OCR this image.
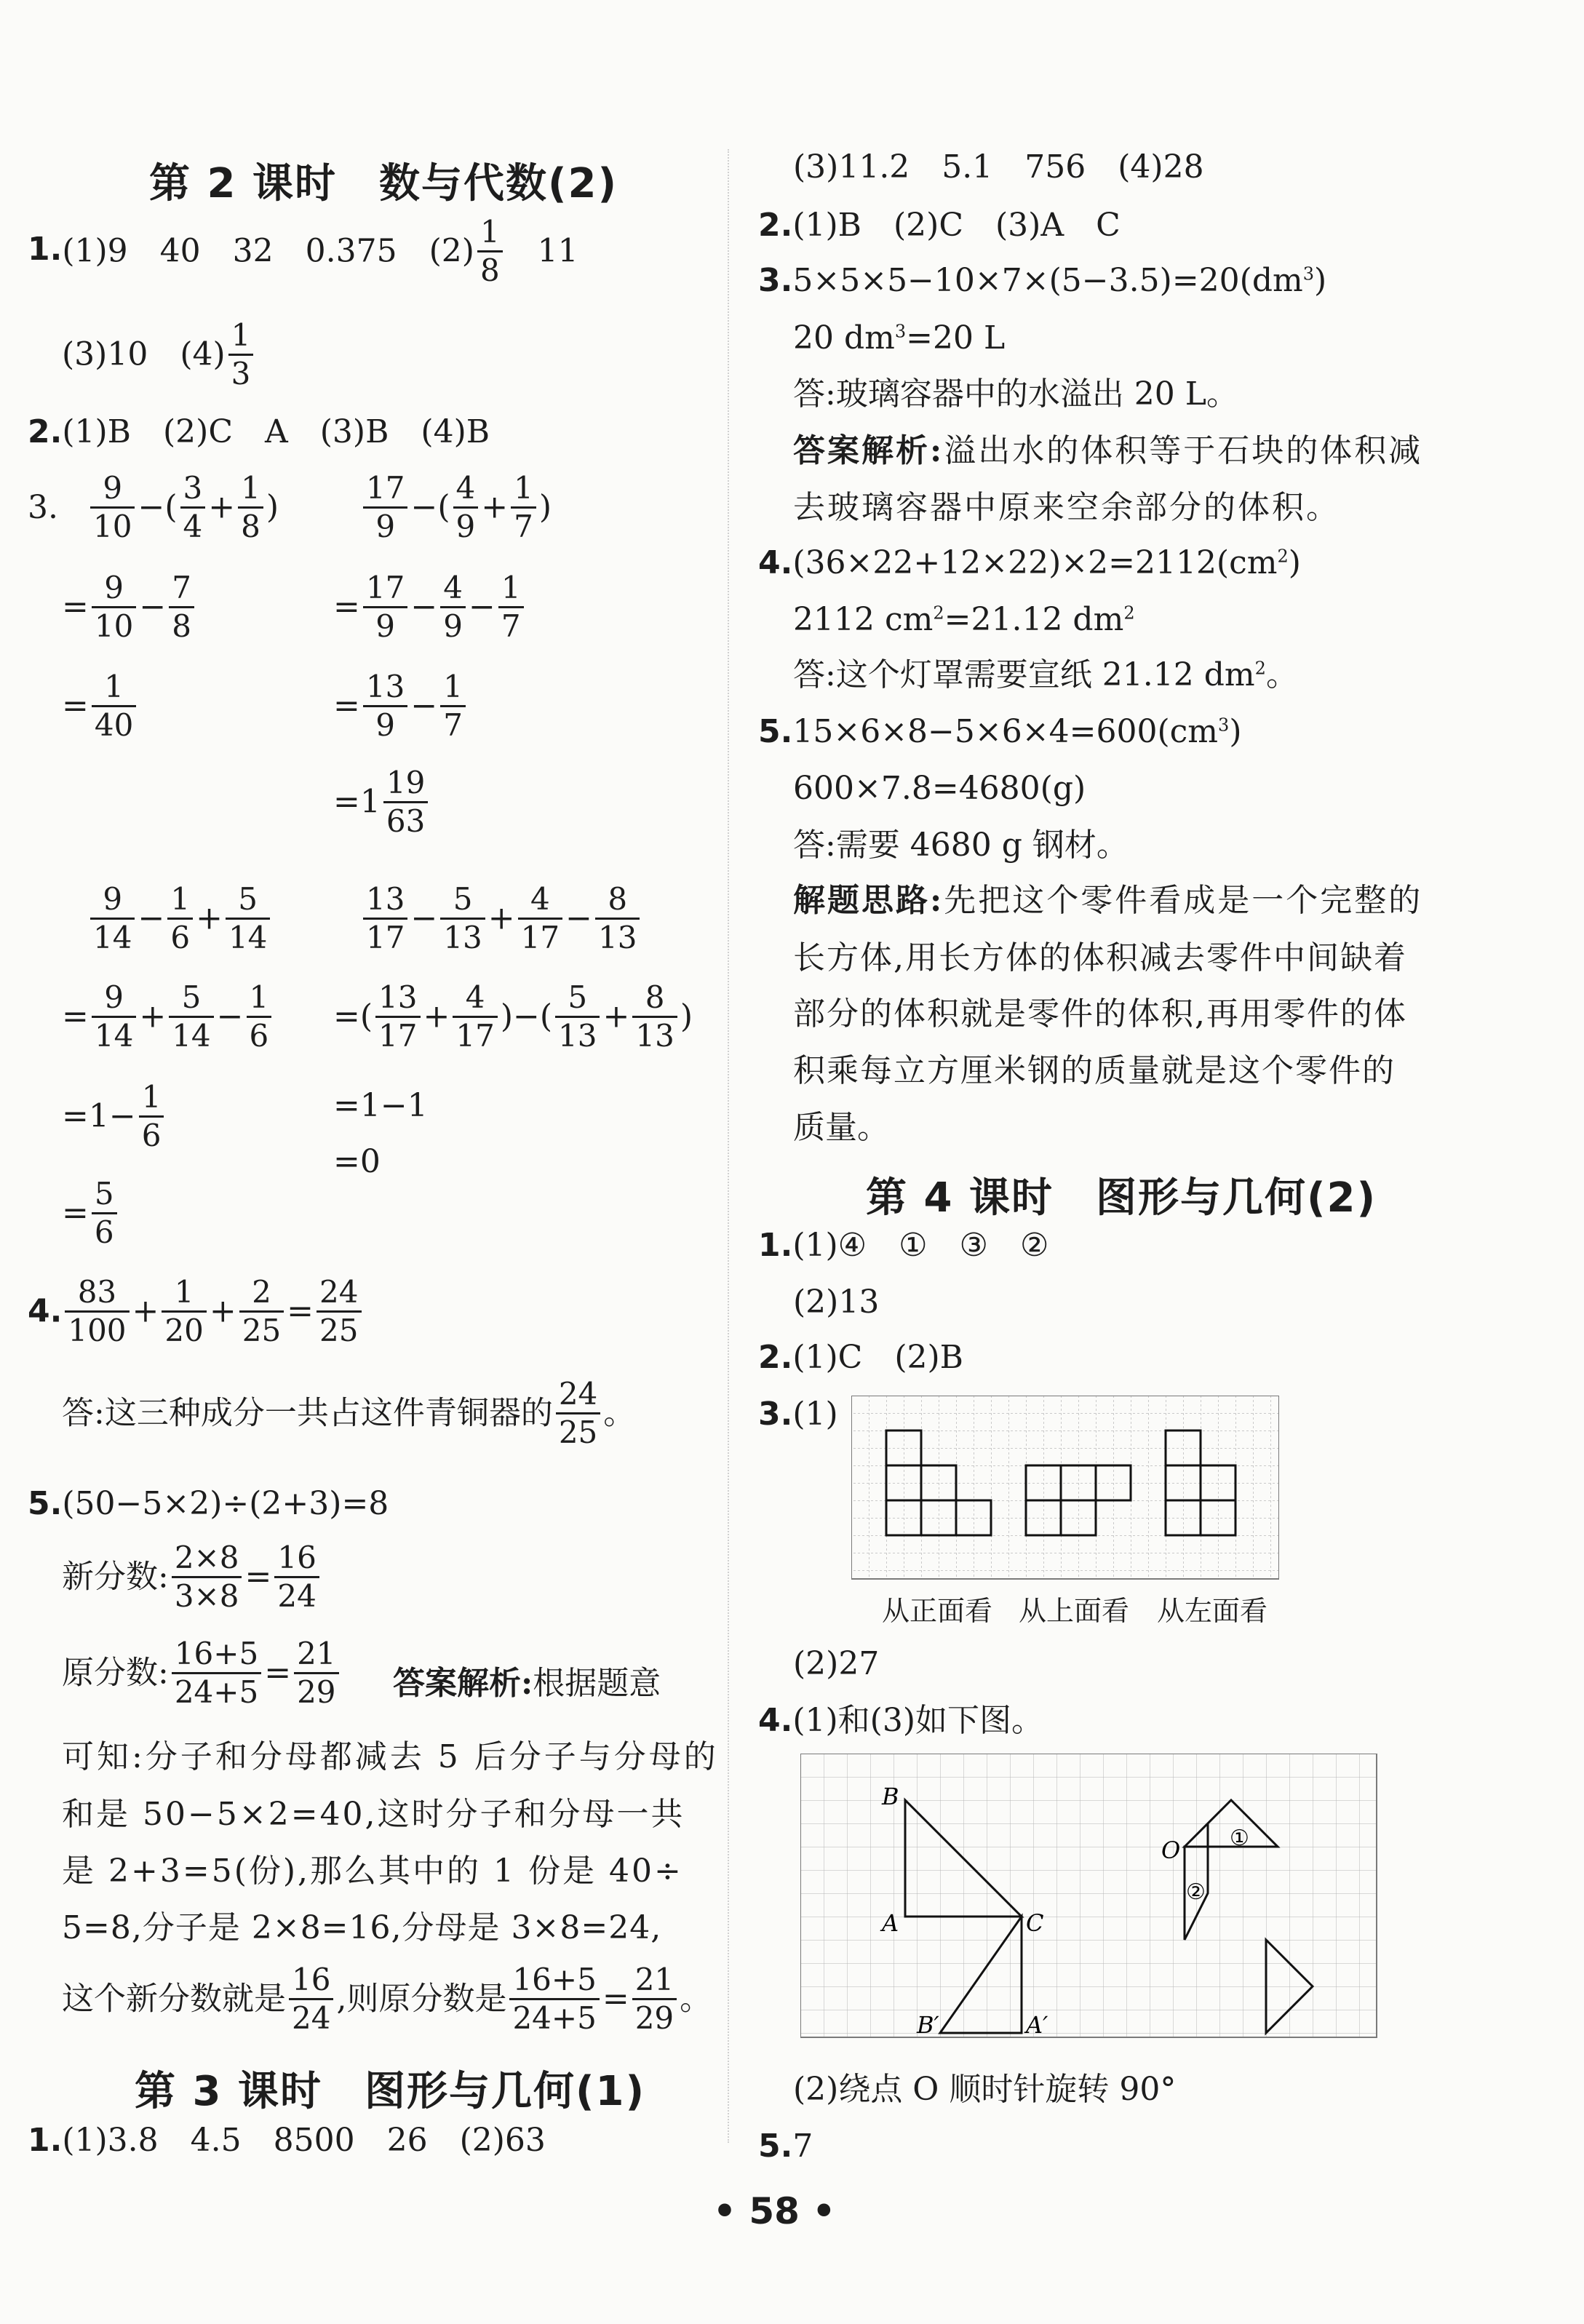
第 2 课时　数与代数(2)
1.(1)9　40　32　0.375　$(2) \frac{1}{8}$ 　11
(3)10　$(4) \frac{1}{3}$
2.(1)B　(2)C　A　(3)B　(4)B
3. $\frac{9}{10}$ −( $\frac{3}{4} + \frac{1}{8}$ )
= $\frac{9}{10} - \frac{7}{8}$
= $\frac{1}{40}$
$\frac{17}{9}$ −( $\frac{4}{9} + \frac{1}{7}$ )
= $\frac{17}{9} - \frac{4}{9} - \frac{1}{7}$
= $\frac{13}{9} - \frac{1}{7}$
$=1 \frac{19}{63}$
$\frac{9}{14} - \frac{1}{6} + \frac{5}{14}$
= $\frac{9}{14} + \frac{5}{14} - \frac{1}{6}$
$=1- \frac{1}{6}$
= $\frac{5}{6}$
$\frac{13}{17} - \frac{5}{13} + \frac{4}{17} - \frac{8}{13}$
=( $\frac{13}{17} + \frac{4}{17}$ )−( $\frac{5}{13} + \frac{8}{13}$ )
=1−1
=0
4. $\frac{83}{100} + \frac{1}{20} + \frac{2}{25} = \frac{24}{25}$
答:这三种成分一共占这件青铜器的 $\frac{24}{25}$ 。
5.(50−5×2)÷(2+3)=8
新分数: $\frac{2\times 8}{3\times 8} = \frac{16}{24}$
原分数: $\frac{16+5}{24+5} = \frac{21}{29}$ 答案解析:根据题意
可知:分子和分母都减去 5 后分子与分母的
和是 50−5×2=40,这时分子和分母一共
是 2+3=5(份),那么其中的 1 份是 40÷
5=8,分子是 2×8=16,分母是 3×8=24,
这个新分数就是 $\frac{16}{24}$ ,则原分数是 $\frac{16+5}{24+5} = \frac{21}{29}$ 。
第 3 课时　图形与几何(1)
1.(1)3.8　4.5　8500　26　(2)63
(3)11.2　5.1　756　(4)28
2.(1)B　(2)C　(3)A　C
$3.5\times 5\times 5-10\times 7\times(5-3.5)=20(dm^3)$
20 $dm^3=20$ L
答:玻璃容器中的水溢出 20 L。
答案解析:溢出水的体积等于石块的体积减
去玻璃容器中原来空余部分的体积。
$4.(36\times 22+12\times 22)\times 2=2112(cm^2)$
2112 $cm^2=21.12$ $dm^2$
答:这个灯罩需要宣纸 21.12 $dm^2$。
$5.15\times 6\times 8-5\times 6\times 4=600(cm^3)$
600×7.8=4680(g)
答:需要 4680 g 钢材。
解题思路:先把这个零件看成是一个完整的
长方体,用长方体的体积减去零件中间缺着
部分的体积就是零件的体积,再用零件的体
积乘每立方厘米钢的质量就是这个零件的
质量。
第 4 课时　图形与几何(2)
1.(1)④　①　③　②
(2)13
2.(1)C　(2)B
3.(1)
从正面看 从上面看 从左面看
(2)27
4.(1)和(3)如下图。
B
A	C
B′	A′
O ①
②
(2)绕点 O 顺时针旋转 90°
5.7
• 58 •
